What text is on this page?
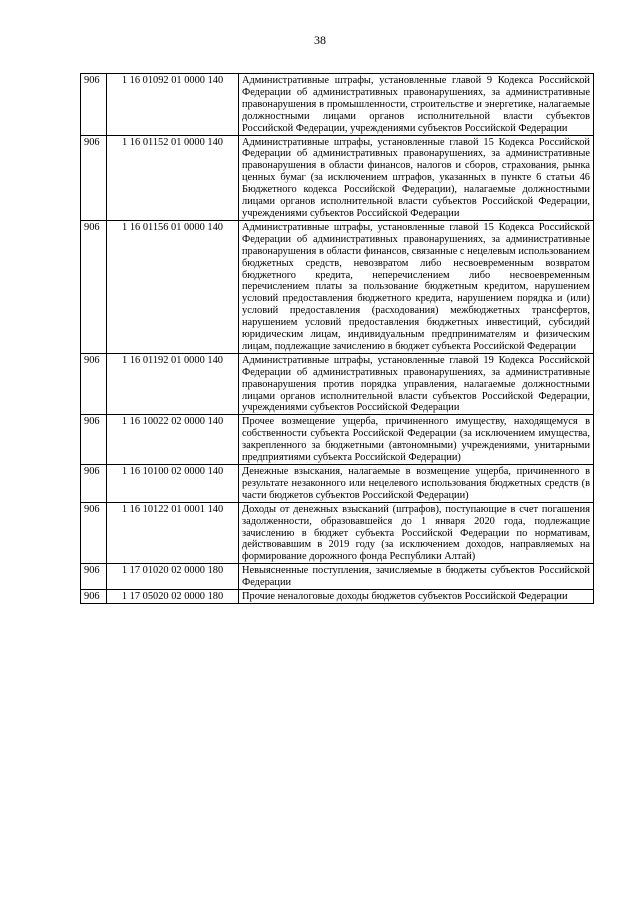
38
906	1 16 01092 01 0000 140	Административные штрафы, установленные главой 9 Кодекса Российской Федерации об административных правонарушениях, за административные правонарушения в промышленности, строительстве и энергетике, налагаемые должностными лицами органов исполнительной власти субъектов Российской Федерации, учреждениями субъектов Российской Федерации
906	1 16 01152 01 0000 140	Административные штрафы, установленные главой 15 Кодекса Российской Федерации об административных правонарушениях, за административные правонарушения в области финансов, налогов и сборов, страхования, рынка ценных бумаг (за исключением штрафов, указанных в пункте 6 статьи 46 Бюджетного кодекса Российской Федерации), налагаемые должностными лицами органов исполнительной власти субъектов Российской Федерации, учреждениями субъектов Российской Федерации
906	1 16 01156 01 0000 140	Административные штрафы, установленные главой 15 Кодекса Российской Федерации об административных правонарушениях, за административные правонарушения в области финансов, связанные с нецелевым использованием бюджетных средств, невозвратом либо несвоевременным возвратом бюджетного кредита, неперечислением либо несвоевременным перечислением платы за пользование бюджетным кредитом, нарушением условий предоставления бюджетного кредита, нарушением порядка и (или) условий предоставления (расходования) межбюджетных трансфертов, нарушением условий предоставления бюджетных инвестиций, субсидий юридическим лицам, индивидуальным предпринимателям и физическим лицам, подлежащие зачислению в бюджет субъекта Российской Федерации
906	1 16 01192 01 0000 140	Административные штрафы, установленные главой 19 Кодекса Российской Федерации об административных правонарушениях, за административные правонарушения против порядка управления, налагаемые должностными лицами органов исполнительной власти субъектов Российской Федерации, учреждениями субъектов Российской Федерации
906	1 16 10022 02 0000 140	Прочее возмещение ущерба, причиненного имуществу, находящемуся в собственности субъекта Российской Федерации (за исключением имущества, закрепленного за бюджетными (автономными) учреждениями, унитарными предприятиями субъекта Российской Федерации)
906	1 16 10100 02 0000 140	Денежные взыскания, налагаемые в возмещение ущерба, причиненного в результате незаконного или нецелевого использования бюджетных средств (в части бюджетов субъектов Российской Федерации)
906	1 16 10122 01 0001 140	Доходы от денежных взысканий (штрафов), поступающие в счет погашения задолженности, образовавшейся до 1 января 2020 года, подлежащие зачислению в бюджет субъекта Российской Федерации по нормативам, действовавшим в 2019 году (за исключением доходов, направляемых на формирование дорожного фонда Республики Алтай)
906	1 17 01020 02 0000 180	Невыясненные поступления, зачисляемые в бюджеты субъектов Российской Федерации
906	1 17 05020 02 0000 180	Прочие неналоговые доходы бюджетов субъектов Российской Федерации
